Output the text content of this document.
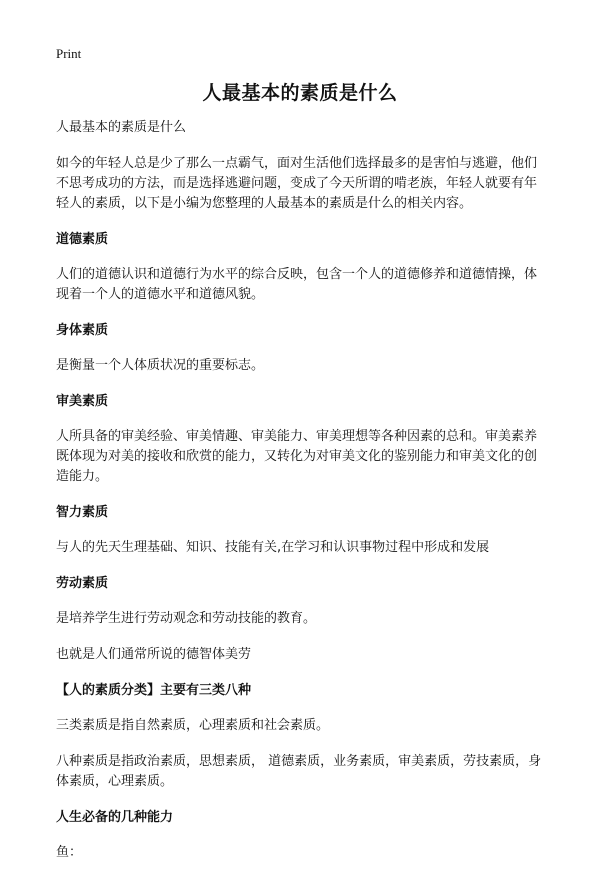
Print
人最基本的素质是什么

人最基本的素质是什么

如今的年轻人总是少了那么一点霸气，面对生活他们选择最多的是害怕与逃避，他们不思考成功的方法，而是选择逃避问题，变成了今天所谓的啃老族，年轻人就要有年轻人的素质，以下是小编为您整理的人最基本的素质是什么的相关内容。

道德素质

人们的道德认识和道德行为水平的综合反映，包含一个人的道德修养和道德情操，体现着一个人的道德水平和道德风貌。

身体素质

是衡量一个人体质状况的重要标志。

审美素质

人所具备的审美经验、审美情趣、审美能力、审美理想等各种因素的总和。审美素养既体现为对美的接收和欣赏的能力，又转化为对审美文化的鉴别能力和审美文化的创造能力。

智力素质

与人的先天生理基础、知识、技能有关,在学习和认识事物过程中形成和发展

劳动素质

是培养学生进行劳动观念和劳动技能的教育。

也就是人们通常所说的德智体美劳

【人的素质分类】主要有三类八种

三类素质是指自然素质，心理素质和社会素质。

八种素质是指政治素质，思想素质， 道德素质，业务素质，审美素质，劳技素质，身体素质，心理素质。

人生必备的几种能力

鱼：
